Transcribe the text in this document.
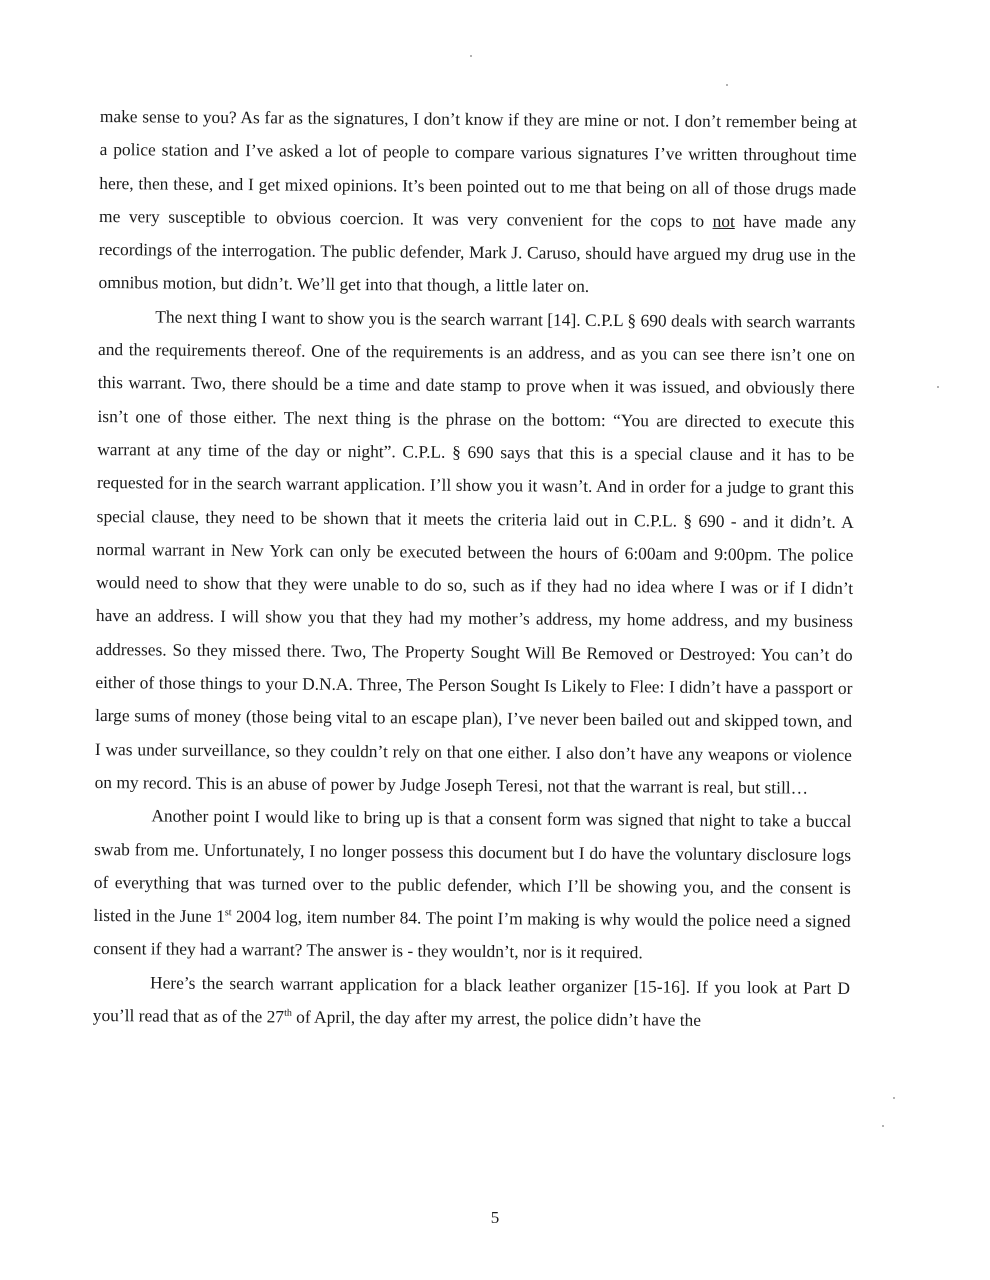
make sense to you? As far as the signatures, I don’t know if they are mine or not. I don’t remember being at a police station and I’ve asked a lot of people to compare various signatures I’ve written throughout time here, then these, and I get mixed opinions. It’s been pointed out to me that being on all of those drugs made me very susceptible to obvious coercion. It was very convenient for the cops to not have made any recordings of the interrogation. The public defender, Mark J. Caruso, should have argued my drug use in the omnibus motion, but didn’t. We’ll get into that though, a little later on.

The next thing I want to show you is the search warrant [14]. C.P.L § 690 deals with search warrants and the requirements thereof. One of the requirements is an address, and as you can see there isn’t one on this warrant. Two, there should be a time and date stamp to prove when it was issued, and obviously there isn’t one of those either. The next thing is the phrase on the bottom: “You are directed to execute this warrant at any time of the day or night”. C.P.L. § 690 says that this is a special clause and it has to be requested for in the search warrant application. I’ll show you it wasn’t. And in order for a judge to grant this special clause, they need to be shown that it meets the criteria laid out in C.P.L. § 690 - and it didn’t. A normal warrant in New York can only be executed between the hours of 6:00am and 9:00pm. The police would need to show that they were unable to do so, such as if they had no idea where I was or if I didn’t have an address. I will show you that they had my mother’s address, my home address, and my business addresses. So they missed there. Two, The Property Sought Will Be Removed or Destroyed: You can’t do either of those things to your D.N.A. Three, The Person Sought Is Likely to Flee: I didn’t have a passport or large sums of money (those being vital to an escape plan), I’ve never been bailed out and skipped town, and I was under surveillance, so they couldn’t rely on that one either. I also don’t have any weapons or violence on my record. This is an abuse of power by Judge Joseph Teresi, not that the warrant is real, but still…

Another point I would like to bring up is that a consent form was signed that night to take a buccal swab from me. Unfortunately, I no longer possess this document but I do have the voluntary disclosure logs of everything that was turned over to the public defender, which I’ll be showing you, and the consent is listed in the June 1st 2004 log, item number 84. The point I’m making is why would the police need a signed consent if they had a warrant? The answer is - they wouldn’t, nor is it required.

Here’s the search warrant application for a black leather organizer [15-16]. If you look at Part D you’ll read that as of the 27th of April, the day after my arrest, the police didn’t have the

5
